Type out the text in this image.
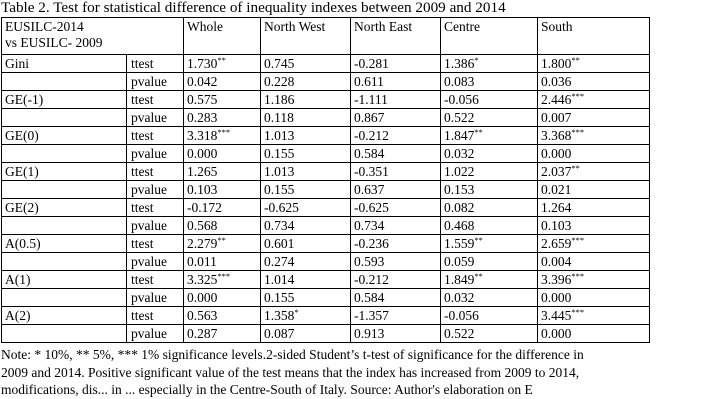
Table 2. Test for statistical difference of inequality indexes between 2009 and 2014
EUSILC-2014
vs EUSILC- 2009		Whole	North West	North East	Centre	South
Gini	ttest	1.730**	0.745	-0.281	1.386*	1.800**
	pvalue	0.042	0.228	0.611	0.083	0.036
GE(-1)	ttest	0.575	1.186	-1.111	-0.056	2.446***
	pvalue	0.283	0.118	0.867	0.522	0.007
GE(0)	ttest	3.318***	1.013	-0.212	1.847**	3.368***
	pvalue	0.000	0.155	0.584	0.032	0.000
GE(1)	ttest	1.265	1.013	-0.351	1.022	2.037**
	pvalue	0.103	0.155	0.637	0.153	0.021
GE(2)	ttest	-0.172	-0.625	-0.625	0.082	1.264
	pvalue	0.568	0.734	0.734	0.468	0.103
A(0.5)	ttest	2.279**	0.601	-0.236	1.559**	2.659***
	pvalue	0.011	0.274	0.593	0.059	0.004
A(1)	ttest	3.325***	1.014	-0.212	1.849**	3.396***
	pvalue	0.000	0.155	0.584	0.032	0.000
A(2)	ttest	0.563	1.358*	-1.357	-0.056	3.445***
	pvalue	0.287	0.087	0.913	0.522	0.000
Note: * 10%, ** 5%, *** 1% significance levels.2-sided Student’s t-test of significance for the difference in
2009 and 2014. Positive significant value of the test means that the index has increased from 2009 to 2014,
modifications, dis... in ... especially in the Centre-South of Italy. Source: Author's elaboration on E
